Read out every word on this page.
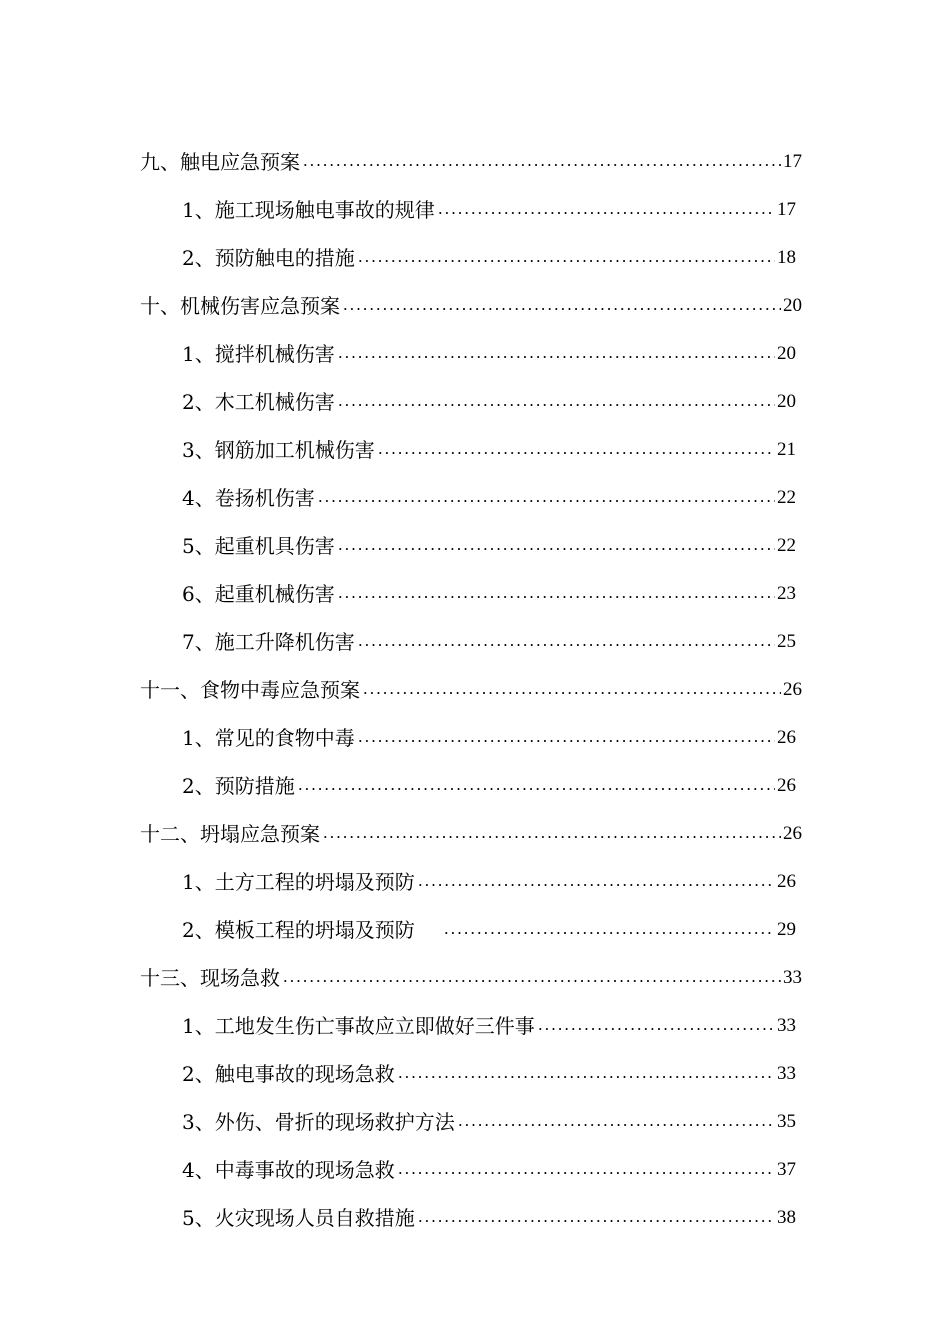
九、触电应急预案	17
1、施工现场触电事故的规律	17
2、预防触电的措施	18
十、机械伤害应急预案	20
1、搅拌机械伤害	20
2、木工机械伤害	20
3、钢筋加工机械伤害	21
4、卷扬机伤害	22
5、起重机具伤害	22
6、起重机械伤害	23
7、施工升降机伤害	25
十一、食物中毒应急预案	26
1、常见的食物中毒	26
2、预防措施	26
十二、坍塌应急预案	26
1、土方工程的坍塌及预防	26
2、模板工程的坍塌及预防	29
十三、现场急救	33
1、工地发生伤亡事故应立即做好三件事	33
2、触电事故的现场急救	33
3、外伤、骨折的现场救护方法	35
4、中毒事故的现场急救	37
5、火灾现场人员自救措施	38
